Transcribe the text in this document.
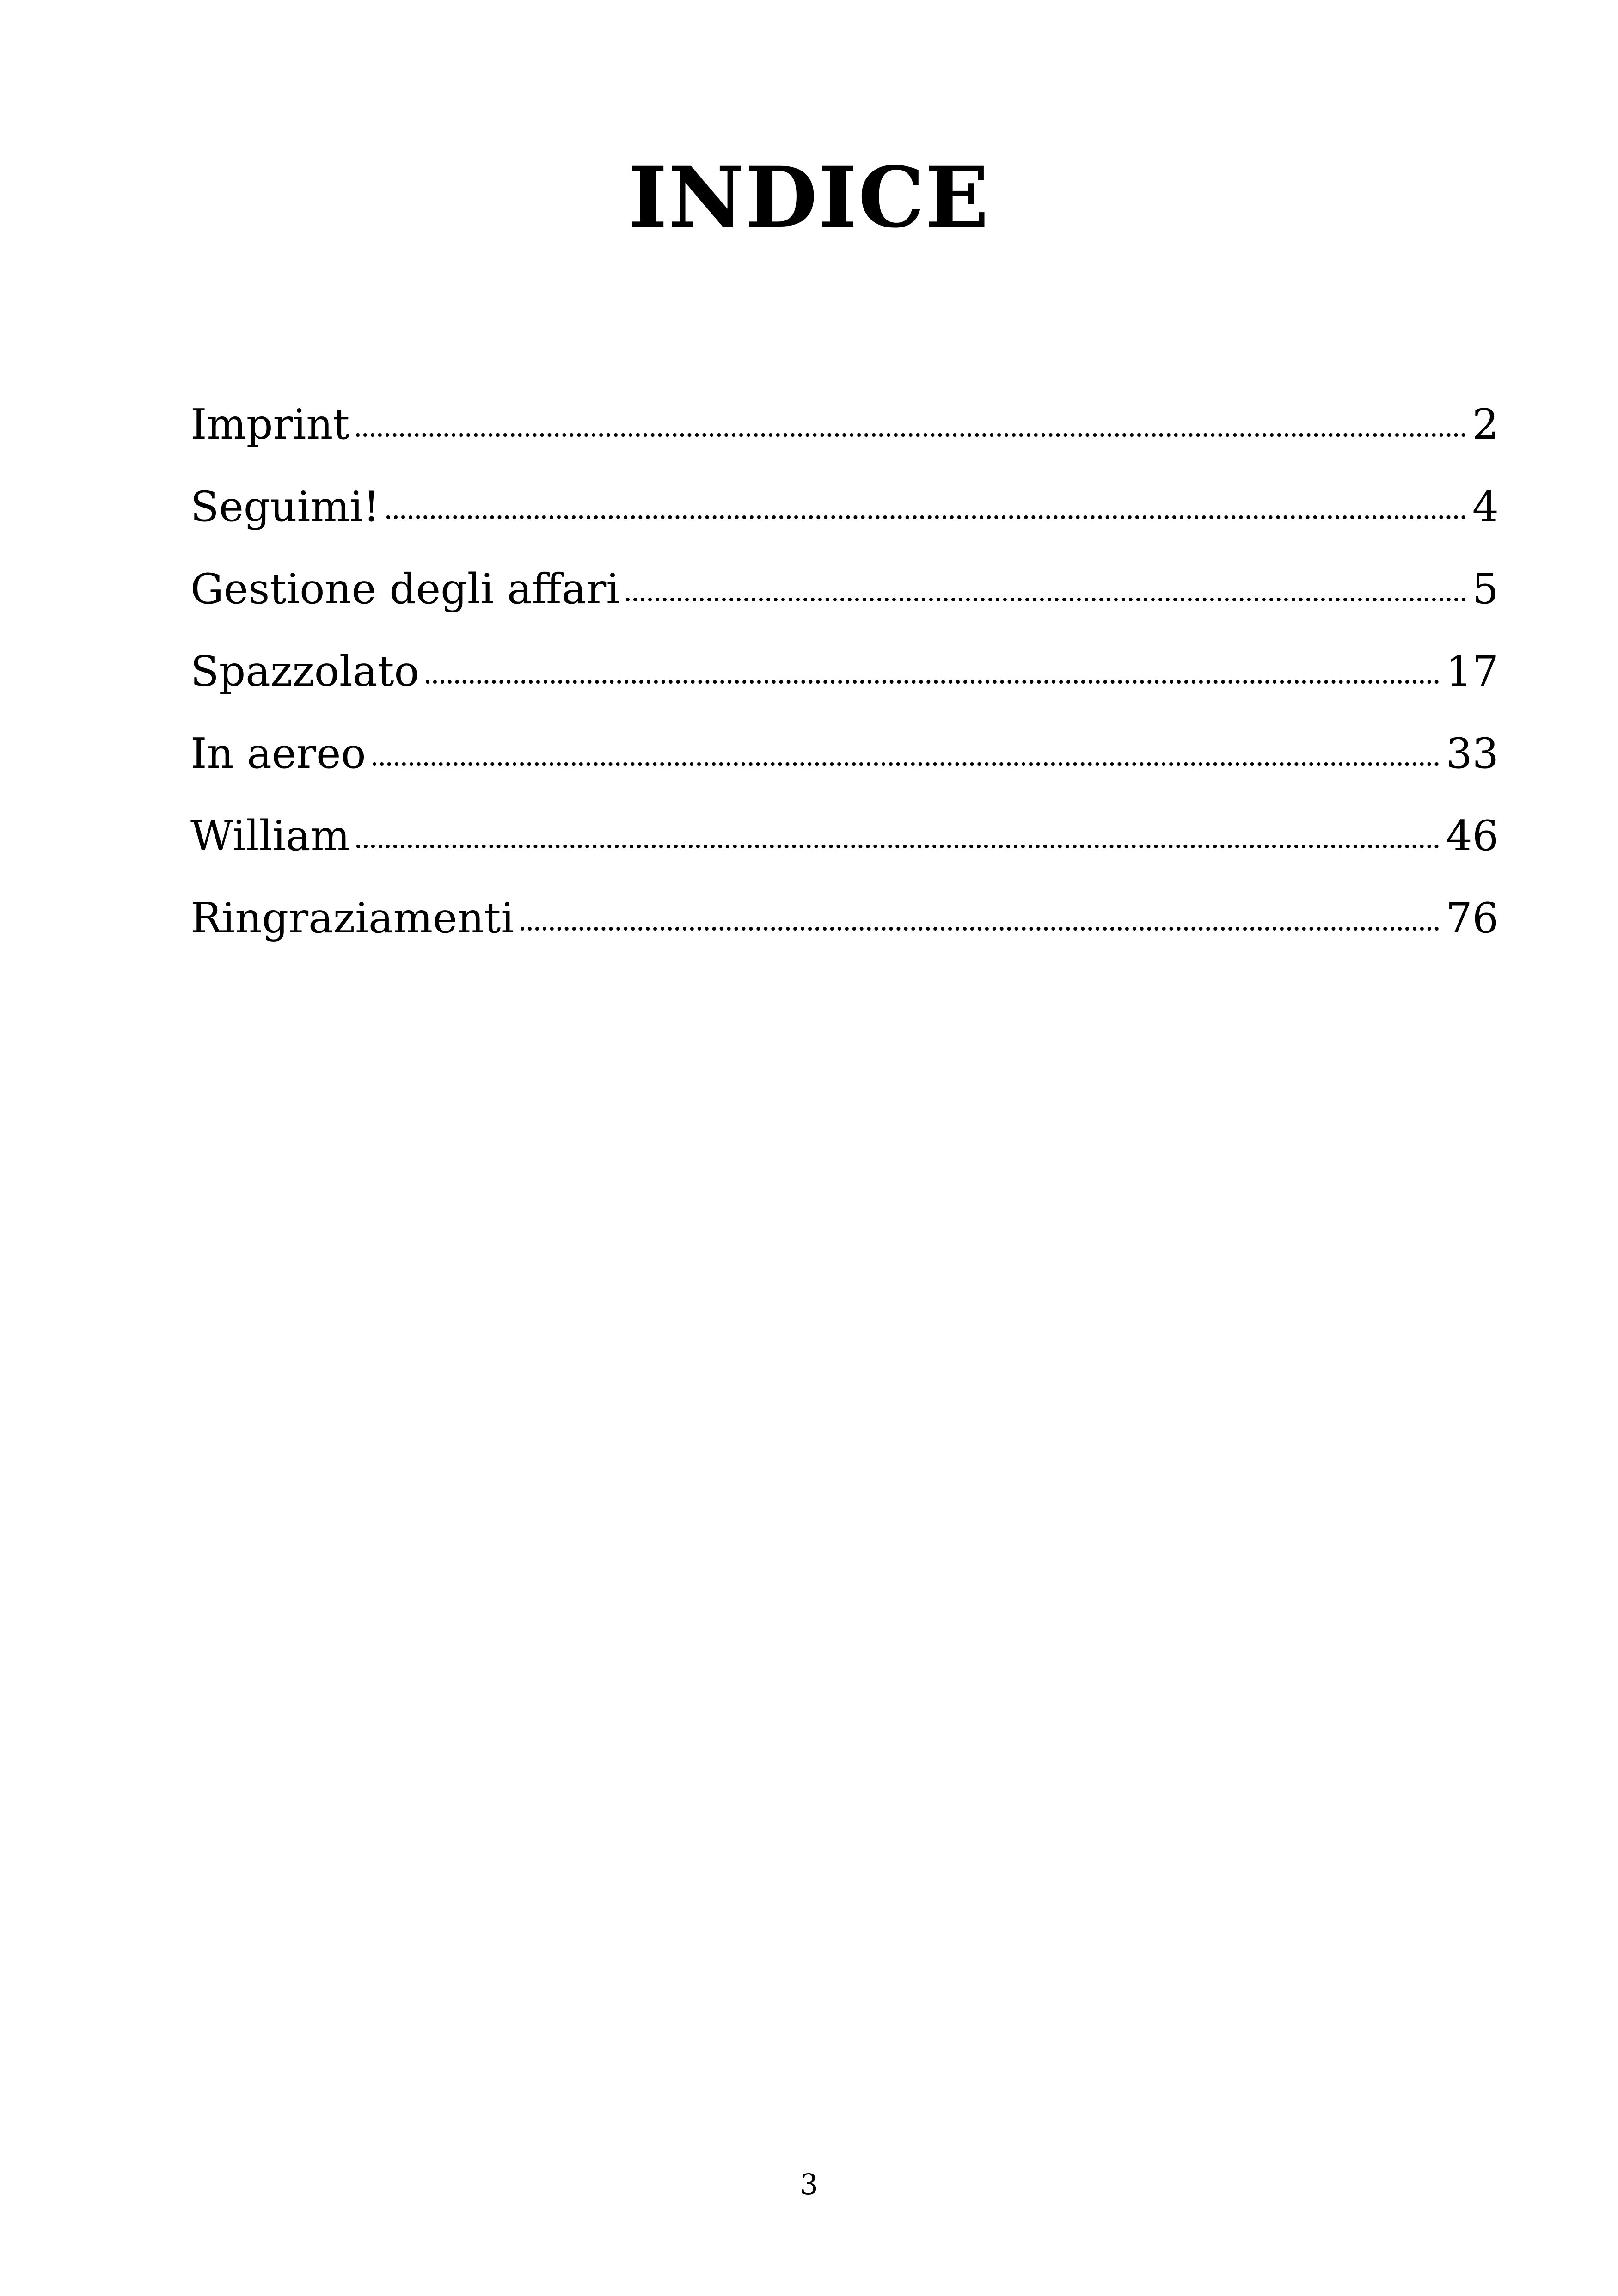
INDICE
Imprint	2
Seguimi!	4
Gestione degli affari	5
Spazzolato	17
In aereo	33
William	46
Ringraziamenti	76
3
